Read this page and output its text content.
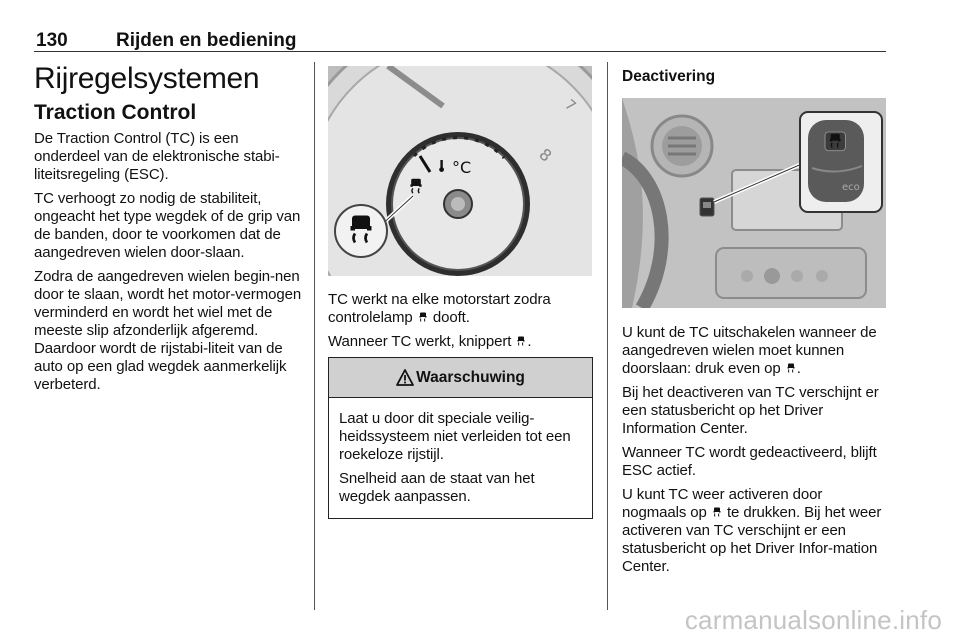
130	Rijden en bediening
Rijregelsystemen
Traction Control

De Traction Control (TC) is een onderdeel van de elektronische stabi-liteitsregeling (ESC).

TC verhoogt zo nodig de stabiliteit, ongeacht het type wegdek of de grip van de banden, door te voorkomen dat de aangedreven wielen door-slaan.

Zodra de aangedreven wielen begin-nen door te slaan, wordt het motor-vermogen verminderd en wordt het wiel met de meeste slip afzonderlijk afgeremd. Daardoor wordt de rijstabi-liteit van de auto op een glad wegdek aanmerkelijk verbeterd.

°C
7
8

TC werkt na elke motorstart zodra controlelamp dooft.

Wanneer TC werkt, knippert .

Waarschuwing

Laat u door dit speciale veilig-heidssysteem niet verleiden tot een roekeloze rijstijl.

Snelheid aan de staat van het wegdek aanpassen.

Deactivering
eco

U kunt de TC uitschakelen wanneer de aangedreven wielen moet kunnen doorslaan: druk even op .

Bij het deactiveren van TC verschijnt er een statusbericht op het Driver Information Center.

Wanneer TC wordt gedeactiveerd, blijft ESC actief.

U kunt TC weer activeren door nogmaals op te drukken. Bij het weer activeren van TC verschijnt er een statusbericht op het Driver Infor-mation Center.

carmanualsonline.info
